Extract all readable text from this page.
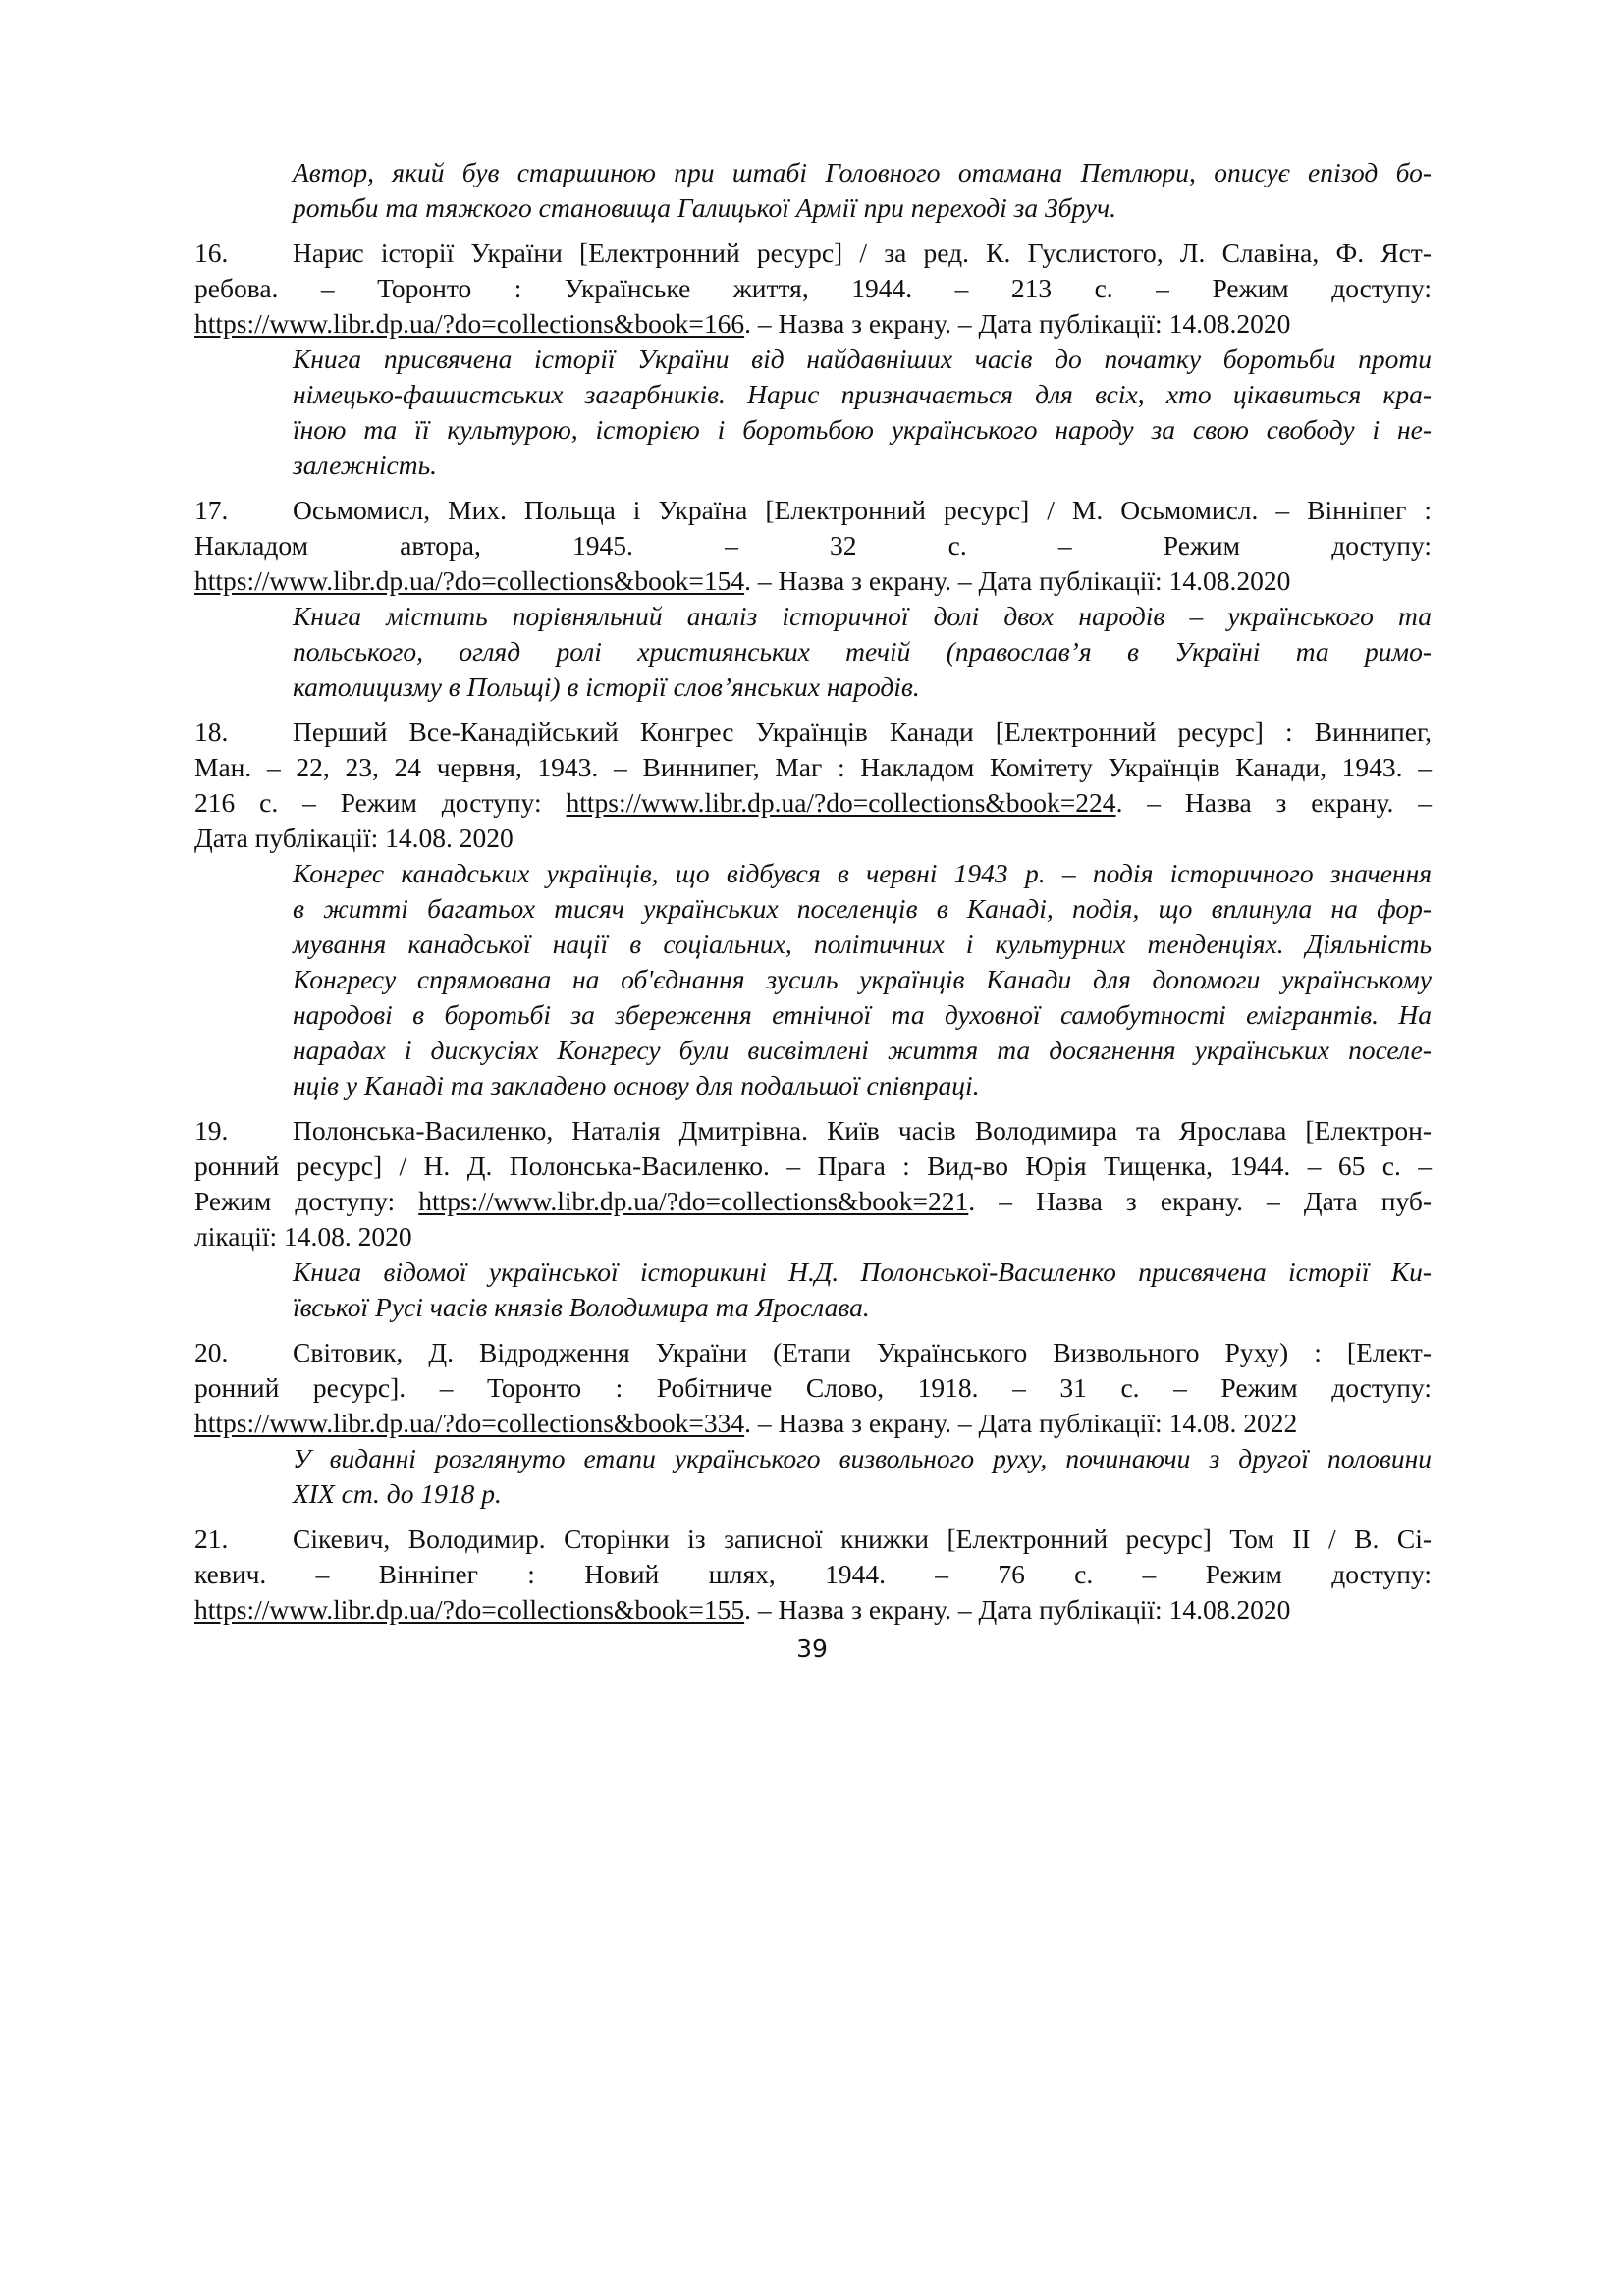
Автор, який був старшиною при штабі Головного отамана Петлюри, описує епізод бо-
ротьби та тяжкого становища Галицької Армії при переході за Збруч.
16. Нарис історії України [Електронний ресурс] / за ред. К. Гуслистого, Л. Славіна, Ф. Яст-
ребова. – Торонто : Українське життя, 1944. – 213 с. – Режим доступу:
https://www.libr.dp.ua/?do=collections&book=166. – Назва з екрану. – Дата публікації: 14.08.2020
Книга присвячена історії України від найдавніших часів до початку боротьби проти
німецько-фашистських загарбників. Нарис призначається для всіх, хто цікавиться кра-
їною та її культурою, історією і боротьбою українського народу за свою свободу і не-
залежність.
17. Осьмомисл, Мих. Польща і Україна [Електронний ресурс] / М. Осьмомисл. – Вінніпег :
Накладом автора, 1945. – 32 с. – Режим доступу:
https://www.libr.dp.ua/?do=collections&book=154. – Назва з екрану. – Дата публікації: 14.08.2020
Книга містить порівняльний аналіз історичної долі двох народів – українського та
польського, огляд ролі християнських течій (православ’я в Україні та римо-
католицизму в Польщі) в історії слов’янських народів.
18. Перший Все-Канадійський Конгрес Українців Канади [Електронний ресурс] : Виннипег,
Ман. – 22, 23, 24 червня, 1943. – Виннипег, Маг : Накладом Комітету Українців Канади, 1943. –
216 с. – Режим доступу: https://www.libr.dp.ua/?do=collections&book=224. – Назва з екрану. –
Дата публікації: 14.08. 2020
Конгрес канадських українців, що відбувся в червні 1943 р. – подія історичного значення
в житті багатьох тисяч українських поселенців в Канаді, подія, що вплинула на фор-
мування канадської нації в соціальних, політичних і культурних тенденціях. Діяльність
Конгресу спрямована на об'єднання зусиль українців Канади для допомоги українському
народові в боротьбі за збереження етнічної та духовної самобутності емігрантів. На
нарадах і дискусіях Конгресу були висвітлені життя та досягнення українських поселе-
нців у Канаді та закладено основу для подальшої співпраці.
19. Полонська-Василенко, Наталія Дмитрівна. Київ часів Володимира та Ярослава [Електрон-
ронний ресурс] / Н. Д. Полонська-Василенко. – Прага : Вид-во Юрія Тищенка, 1944. – 65 с. –
Режим доступу: https://www.libr.dp.ua/?do=collections&book=221. – Назва з екрану. – Дата пуб-
лікації: 14.08. 2020
Книга відомої української історикині Н.Д. Полонської-Василенко присвячена історії Ки-
ївської Русі часів князів Володимира та Ярослава.
20. Світовик, Д. Відродження України (Етапи Українського Визвольного Руху) : [Елект-
ронний ресурс]. – Торонто : Робітниче Слово, 1918. – 31 с. – Режим доступу:
https://www.libr.dp.ua/?do=collections&book=334. – Назва з екрану. – Дата публікації: 14.08. 2022
У виданні розглянуто етапи українського визвольного руху, починаючи з другої половини
XIX ст. до 1918 р.
21. Сікевич, Володимир. Сторінки із записної книжки [Електронний ресурс] Том ІІ / В. Сі-
кевич. – Вінніпег : Новий шлях, 1944. – 76 с. – Режим доступу:
https://www.libr.dp.ua/?do=collections&book=155. – Назва з екрану. – Дата публікації: 14.08.2020
39
